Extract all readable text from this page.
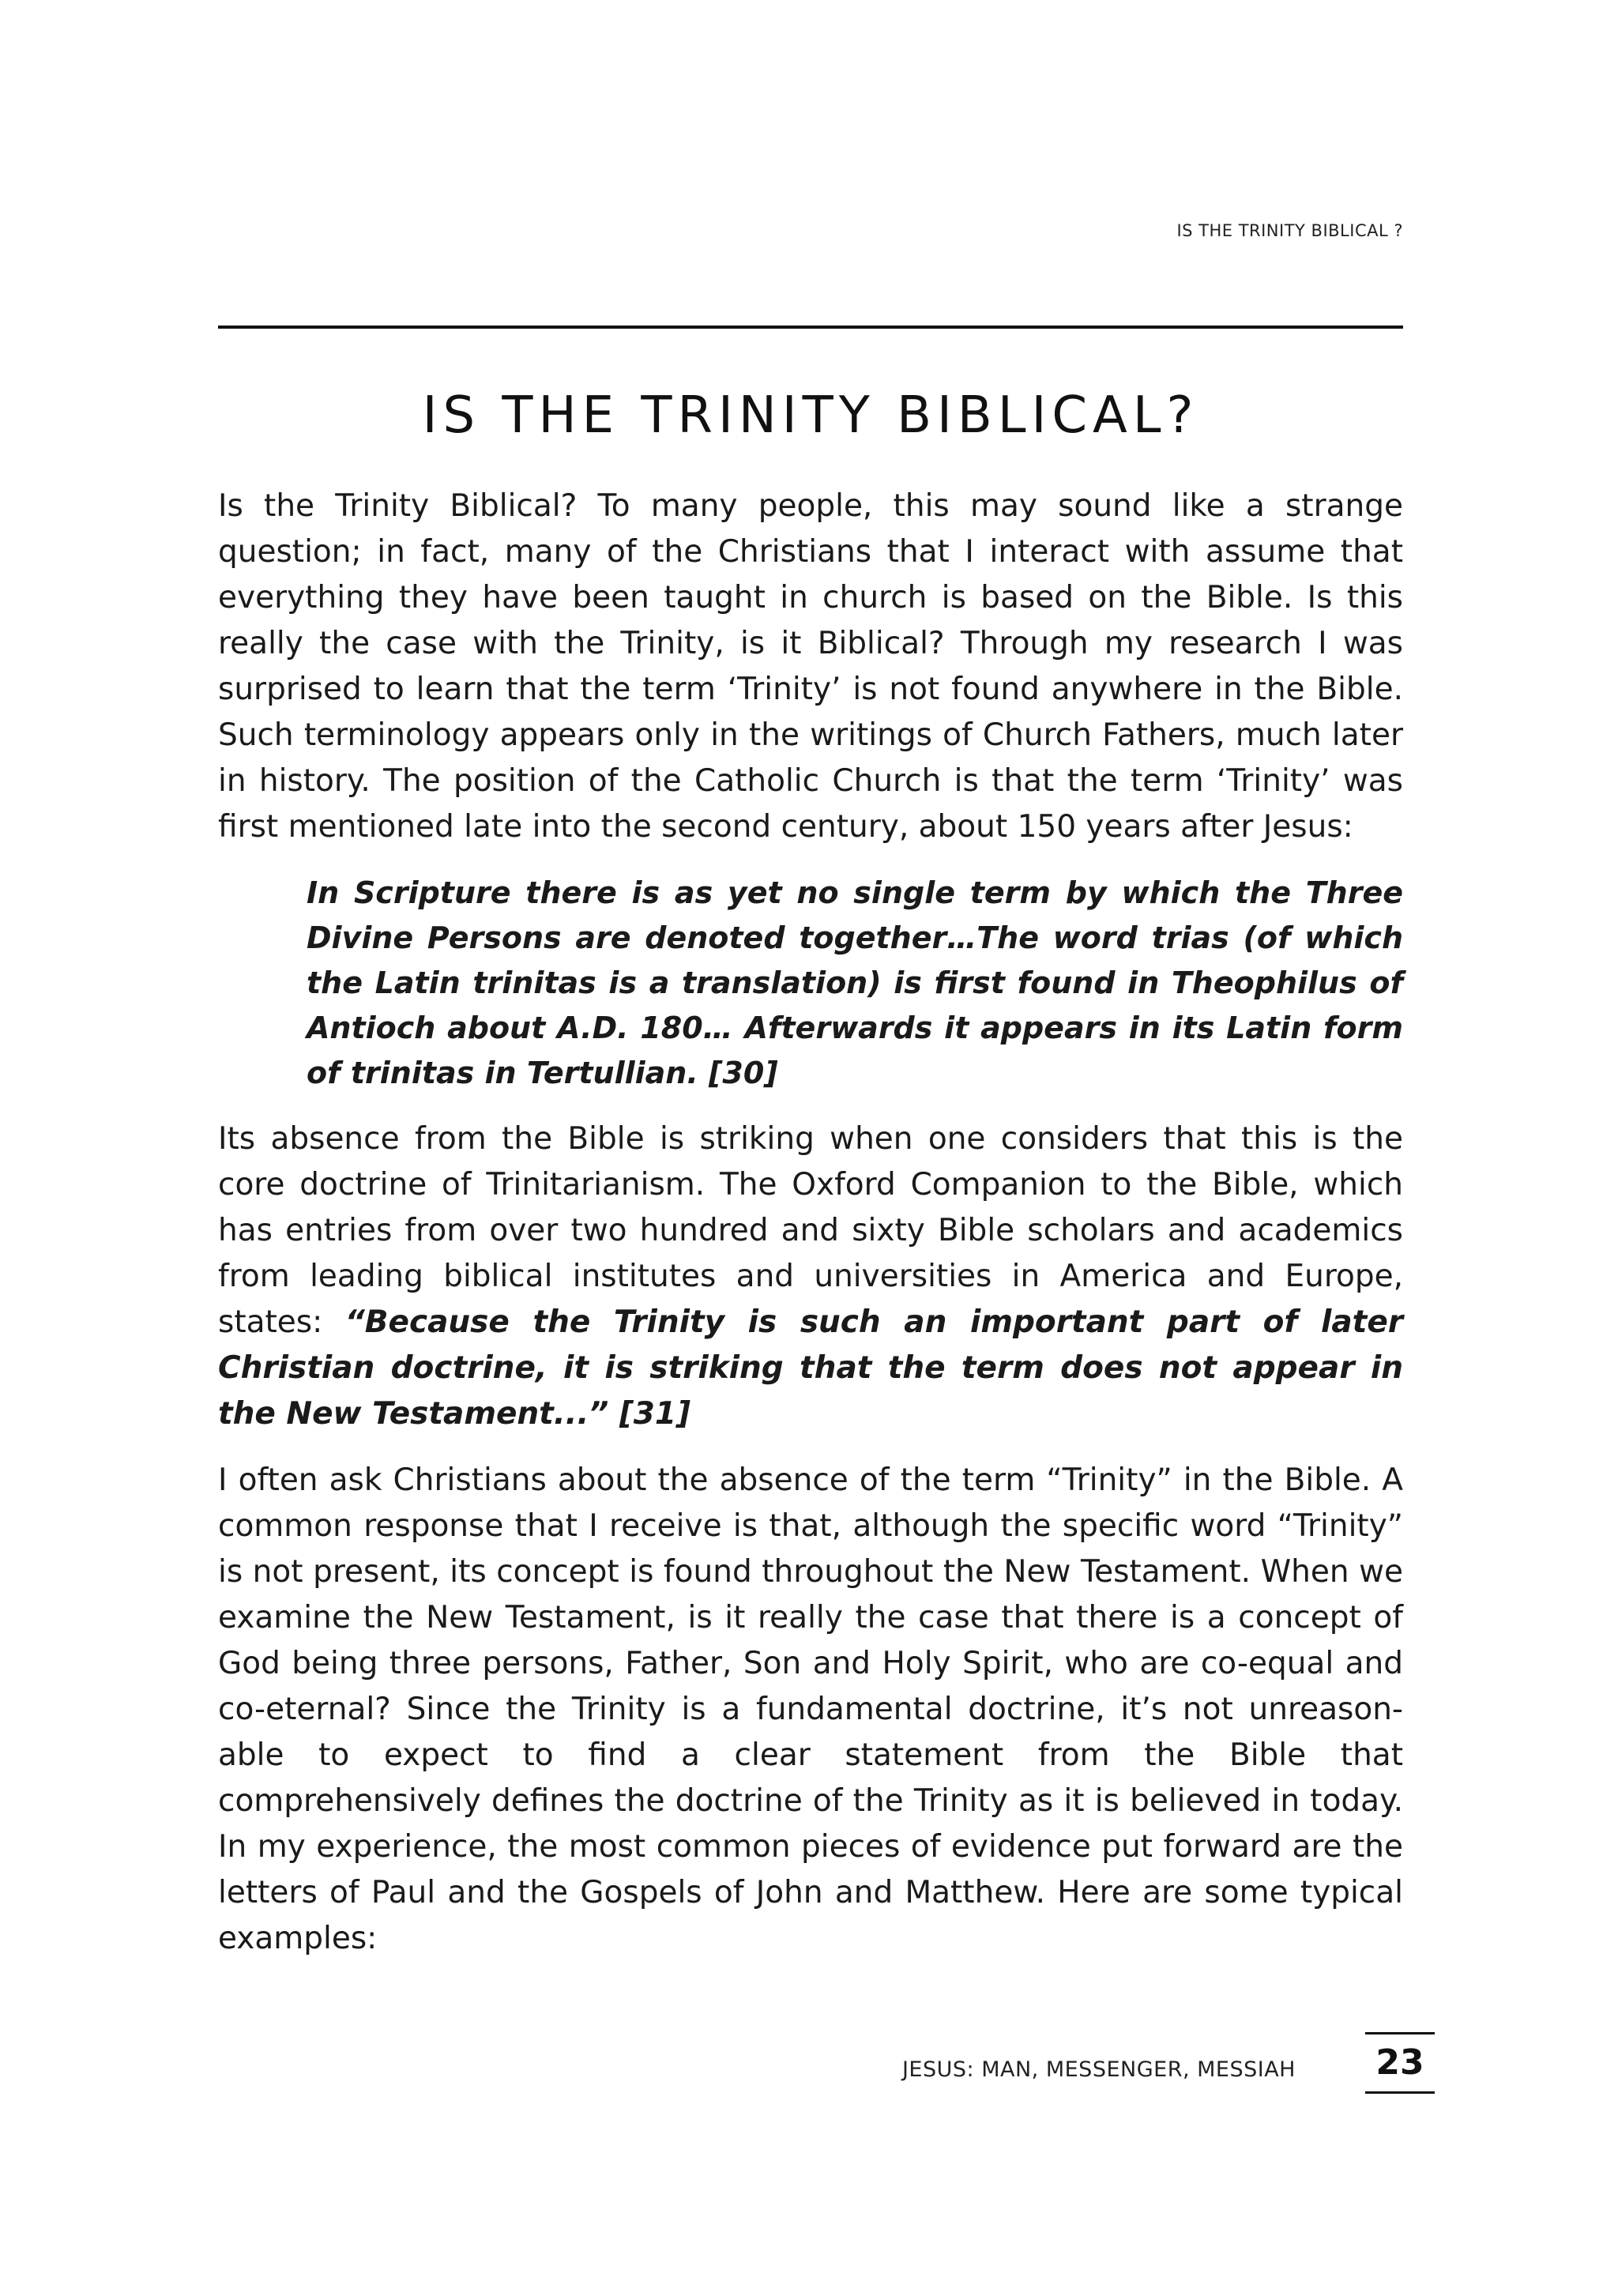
IS THE TRINITY BIBLICAL ?
IS THE TRINITY BIBLICAL?

Is the Trinity Biblical? To many people, this may sound like a strange question; in fact, many of the Christians that I interact with assume that everything they have been taught in church is based on the Bible. Is this really the case with the Trinity, is it Biblical? Through my research I was surprised to learn that the term ‘Trinity’ is not found anywhere in the Bible. Such terminology appears only in the writings of Church Fathers, much later in history. The position of the Catholic Church is that the term ‘Trinity’ was first mentioned late into the second century, about 150 years after Jesus:

In Scripture there is as yet no single term by which the Three Divine Persons are denoted together…The word trias (of which the Latin trinitas is a translation) is first found in Theophilus of Antioch about A.D. 180… Afterwards it appears in its Latin form of trinitas in Tertullian. [30]

Its absence from the Bible is striking when one considers that this is the core doctrine of Trinitarianism. The Oxford Companion to the Bible, which has entries from over two hundred and sixty Bible scholars and academics from leading biblical institutes and universities in America and Europe, states: “Because the Trinity is such an important part of later Christian doctrine, it is striking that the term does not appear in the New Testament...” [31]

I often ask Christians about the absence of the term “Trinity” in the Bible. A common response that I receive is that, although the specific word “Trinity” is not present, its concept is found throughout the New Testament. When we examine the New Testament, is it really the case that there is a concept of God being three persons, Father, Son and Holy Spirit, who are co-equal and co-eternal? Since the Trinity is a fundamental doctrine, it’s not unreason-able to expect to find a clear statement from the Bible that comprehensively defines the doctrine of the Trinity as it is believed in today. In my experience, the most common pieces of evidence put forward are the letters of Paul and the Gospels of John and Matthew. Here are some typical examples:

JESUS: MAN, MESSENGER, MESSIAH	23
